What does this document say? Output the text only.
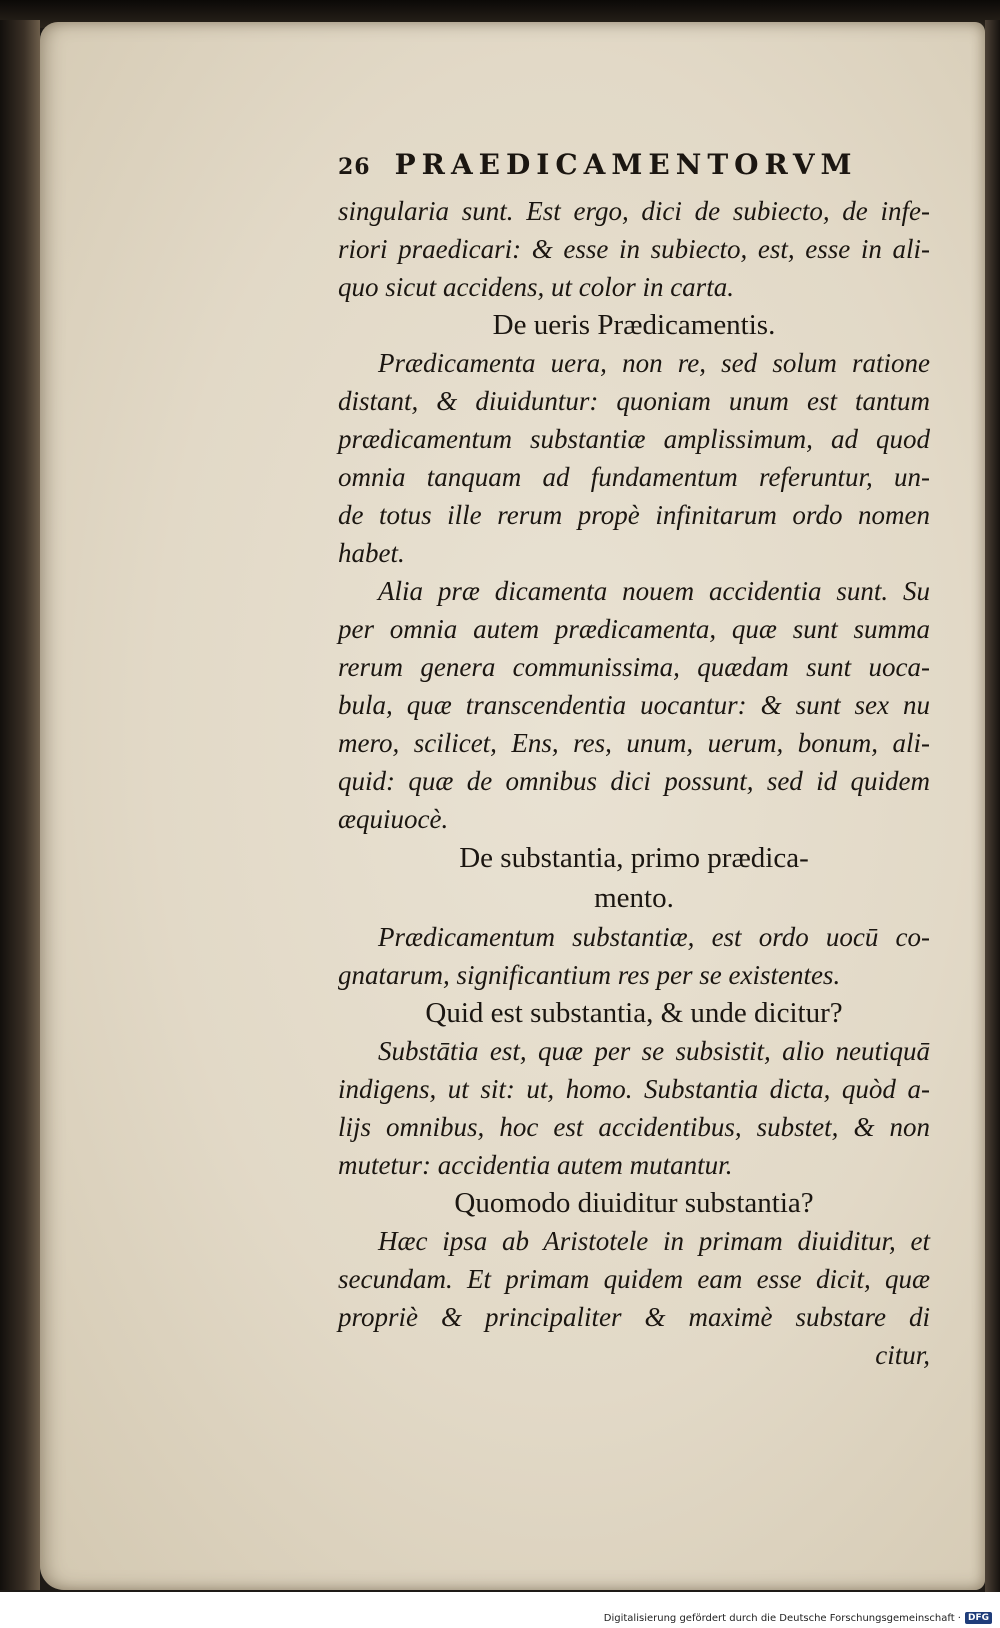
26 PRAEDICAMENTORVM
singularia sunt. Est ergo, dici de subiecto, de infe-
riori praedicari: & esse in subiecto, est, esse in ali-
quo sicut accidens, ut color in carta.
De ueris Prædicamentis.
Prædicamenta uera, non re, sed solum ratione
distant, & diuiduntur: quoniam unum est tantum
prædicamentum substantiæ amplissimum, ad quod
omnia tanquam ad fundamentum referuntur, un-
de totus ille rerum propè infinitarum ordo nomen
habet.
Alia præ dicamenta nouem accidentia sunt. Su
per omnia autem prædicamenta, quæ sunt summa
rerum genera communissima, quædam sunt uoca-
bula, quæ transcendentia uocantur: & sunt sex nu
mero, scilicet, Ens, res, unum, uerum, bonum, ali-
quid: quæ de omnibus dici possunt, sed id quidem
æquiuocè.
De substantia, primo prædica-
mento.
Prædicamentum substantiæ, est ordo uocū co-
gnatarum, significantium res per se existentes.
Quid est substantia, & unde dicitur?
Substātia est, quæ per se subsistit, alio neutiquā
indigens, ut sit: ut, homo. Substantia dicta, quòd a-
lijs omnibus, hoc est accidentibus, substet, & non
mutetur: accidentia autem mutantur.
Quomodo diuiditur substantia?
Hæc ipsa ab Aristotele in primam diuiditur, et
secundam. Et primam quidem eam esse dicit, quæ
propriè & principaliter & maximè substare di
citur,
Digitalisierung gefördert durch die Deutsche Forschungsgemeinschaft · DFG
